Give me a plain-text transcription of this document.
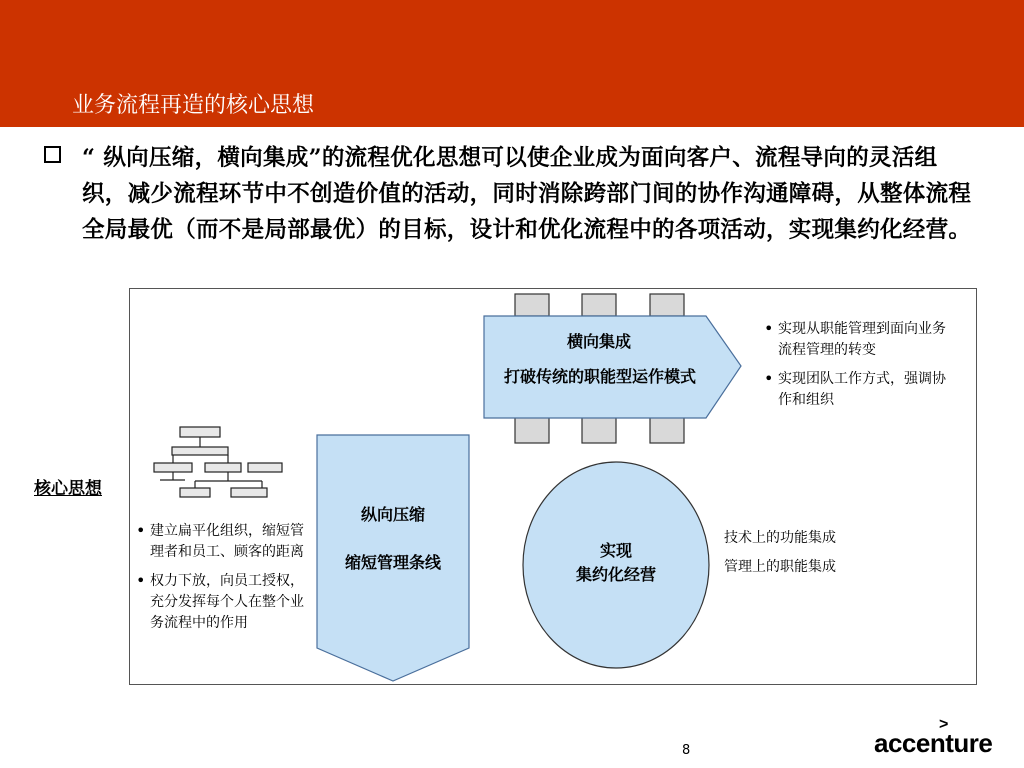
业务流程再造的核心思想
“ 纵向压缩，横向集成”的流程优化思想可以使企业成为面向客户、流程导向的灵活组织，减少流程环节中不创造价值的活动，同时消除跨部门间的协作沟通障碍，从整体流程全局最优（而不是局部最优）的目标，设计和优化流程中的各项活动，实现集约化经营。
核心思想
横向集成
打破传统的职能型运作模式
• 实现从职能管理到面向业务流程管理的转变
• 实现团队工作方式，强调协作和组织
纵向压缩
缩短管理条线
• 建立扁平化组织，缩短管理者和员工、顾客的距离
• 权力下放，向员工授权，充分发挥每个人在整个业务流程中的作用
实现
集约化经营
技术上的功能集成
管理上的职能集成
8
>
accenture
